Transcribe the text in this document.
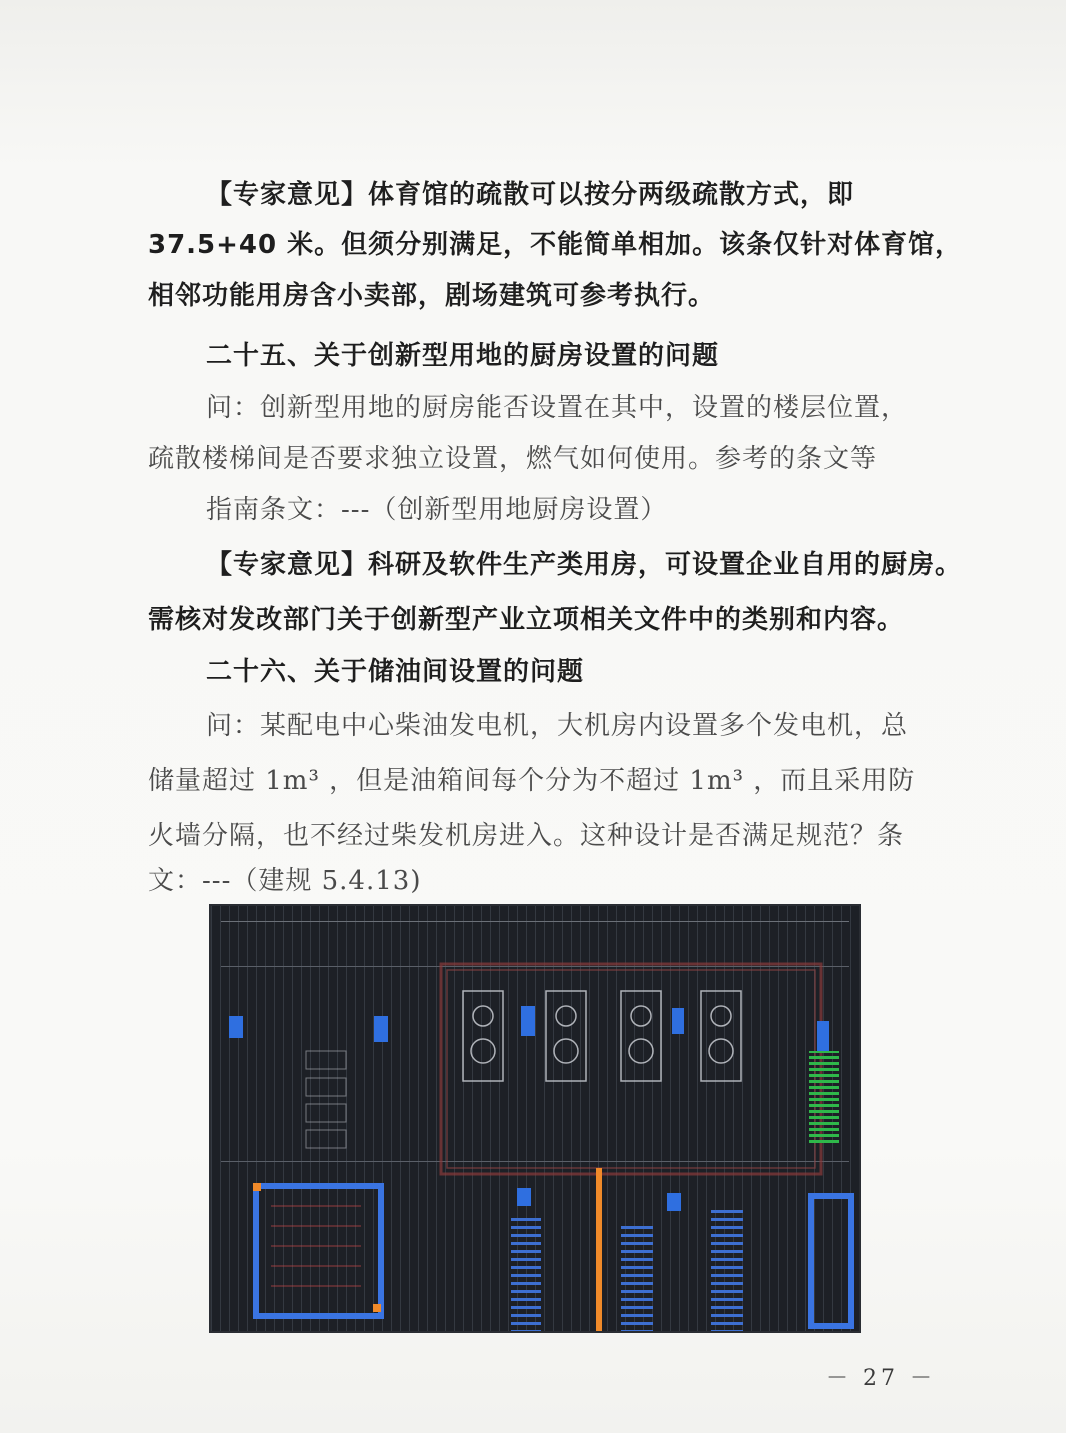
【专家意见】体育馆的疏散可以按分两级疏散方式，即
37.5+40 米。但须分别满足，不能简单相加。该条仅针对体育馆，
相邻功能用房含小卖部，剧场建筑可参考执行。
二十五、关于创新型用地的厨房设置的问题
问：创新型用地的厨房能否设置在其中，设置的楼层位置，
疏散楼梯间是否要求独立设置，燃气如何使用。参考的条文等
指南条文：---（创新型用地厨房设置）
【专家意见】科研及软件生产类用房，可设置企业自用的厨房。
需核对发改部门关于创新型产业立项相关文件中的类别和内容。
二十六、关于储油间设置的问题
问：某配电中心柴油发电机，大机房内设置多个发电机，总
储量超过 1m³ ，但是油箱间每个分为不超过 1m³ ，而且采用防
火墙分隔，也不经过柴发机房进入。这种设计是否满足规范？条
文：---（建规 5.4.13)
－ 27 －
